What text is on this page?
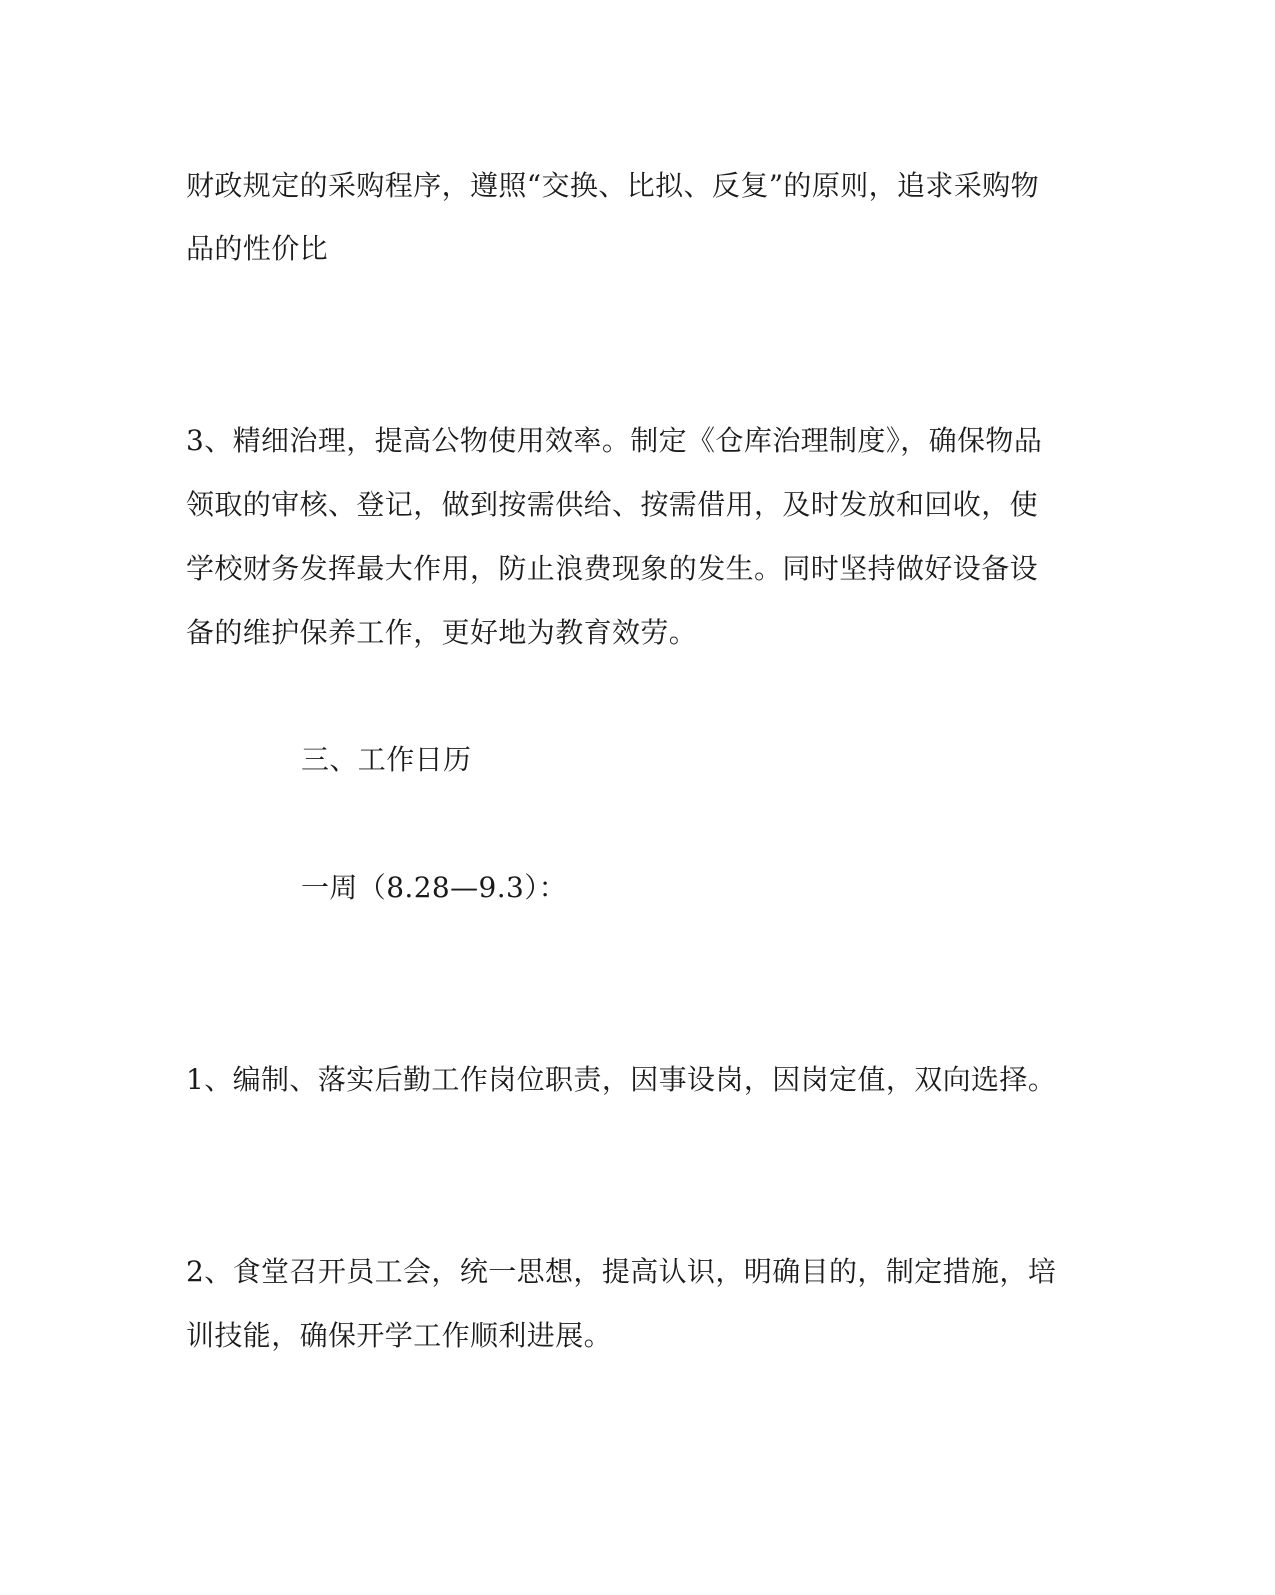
财政规定的采购程序，遵照“交换、比拟、反复”的原则，追求采购物
品的性价比
3、精细治理，提高公物使用效率。制定《仓库治理制度》，确保物品
领取的审核、登记，做到按需供给、按需借用，及时发放和回收，使
学校财务发挥最大作用，防止浪费现象的发生。同时坚持做好设备设
备的维护保养工作，更好地为教育效劳。
三、工作日历
一周（8.28—9.3）：
1、编制、落实后勤工作岗位职责，因事设岗，因岗定值，双向选择。
2、食堂召开员工会，统一思想，提高认识，明确目的，制定措施，培
训技能，确保开学工作顺利进展。
